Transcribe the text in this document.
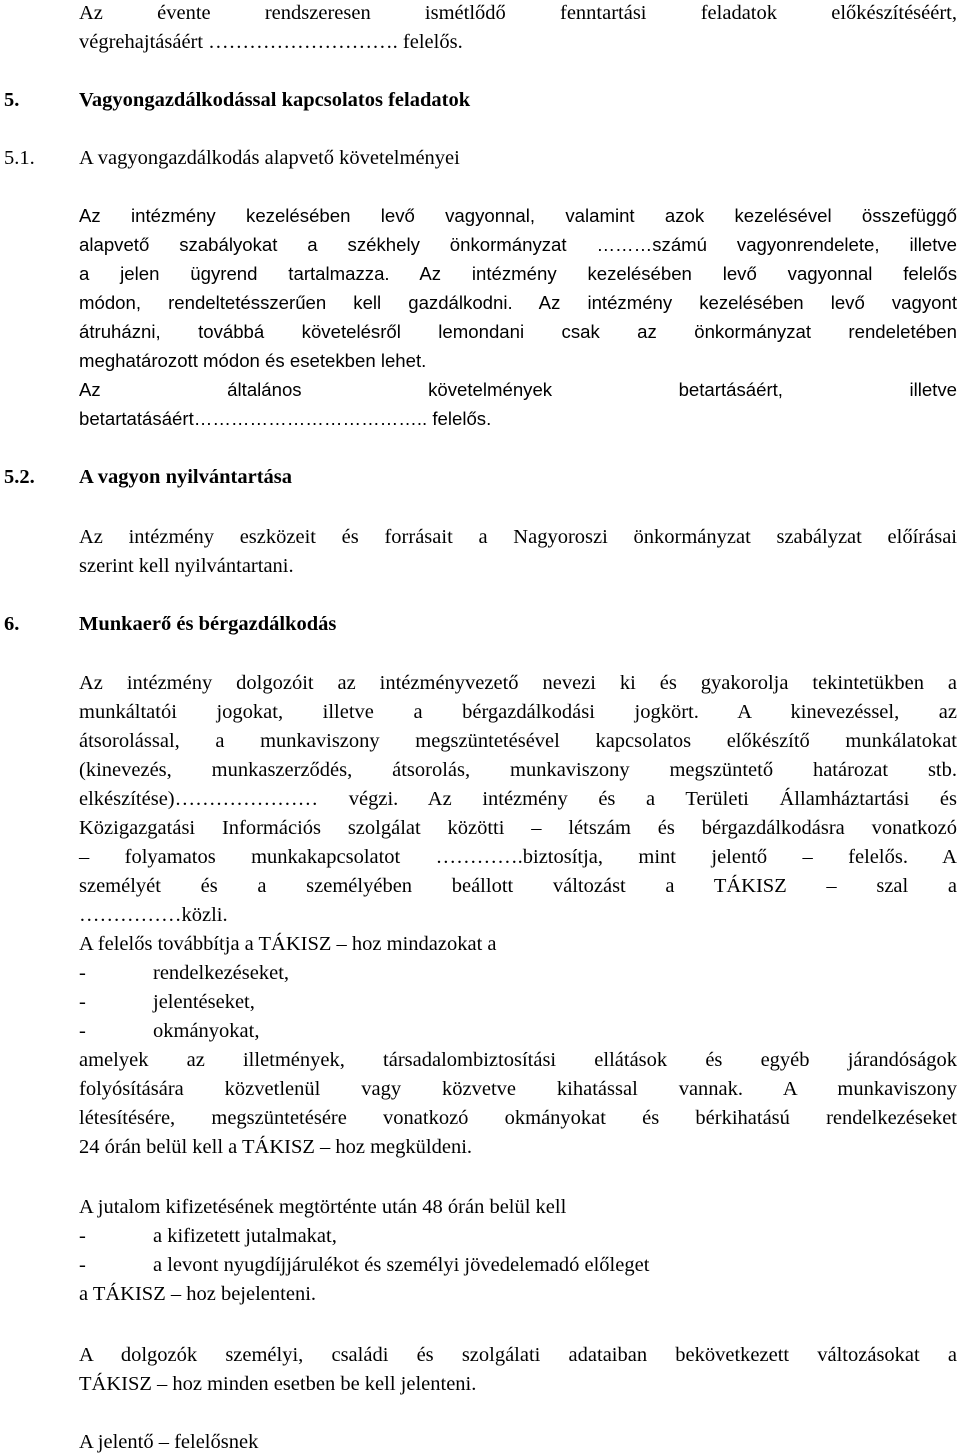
Az évente rendszeresen ismétlődő fenntartási feladatok előkészítéséért,
végrehajtásáért ………………………. felelős.
5.	Vagyongazdálkodással kapcsolatos feladatok
5.1. A vagyongazdálkodás alapvető követelményei
Az intézmény kezelésében levő vagyonnal, valamint azok kezelésével összefüggő
alapvető szabályokat a székhely önkormányzat ………számú vagyonrendelete, illetve
a jelen ügyrend tartalmazza. Az intézmény kezelésében levő vagyonnal felelős
módon, rendeltetésszerűen kell gazdálkodni. Az intézmény kezelésében levő vagyont
átruházni, továbbá követelésről lemondani csak az önkormányzat rendeletében
meghatározott módon és esetekben lehet.
Az általános követelmények betartásáért, illetve
betartatásáért……………………………….. felelős.
5.2. A vagyon nyilvántartása
Az intézmény eszközeit és forrásait a Nagyoroszi önkormányzat szabályzat előírásai
szerint kell nyilvántartani.
6.	Munkaerő és bérgazdálkodás
Az intézmény dolgozóit az intézményvezető nevezi ki és gyakorolja tekintetükben a
munkáltatói jogokat, illetve a bérgazdálkodási jogkört. A kinevezéssel, az
átsorolással, a munkaviszony megszüntetésével kapcsolatos előkészítő munkálatokat
(kinevezés, munkaszerződés, átsorolás, munkaviszony megszüntető határozat stb.
elkészítése)………………… végzi. Az intézmény és a Területi Államháztartási és
Közigazgatási Információs szolgálat közötti – létszám és bérgazdálkodásra vonatkozó
– folyamatos munkakapcsolatot ………….biztosítja, mint jelentő – felelős. A
személyét és a személyében beállott változást a TÁKISZ – szal a
……………közli.
A felelős továbbítja a TÁKISZ – hoz mindazokat a
-	rendelkezéseket,
-	jelentéseket,
-	okmányokat,
amelyek az illetmények, társadalombiztosítási ellátások és egyéb járandóságok
folyósítására közvetlenül vagy közvetve kihatással vannak. A munkaviszony
létesítésére, megszüntetésére vonatkozó okmányokat és bérkihatású rendelkezéseket
24 órán belül kell a TÁKISZ – hoz megküldeni.
A jutalom kifizetésének megtörténte után 48 órán belül kell
-	a kifizetett jutalmakat,
-	a levont nyugdíjjárulékot és személyi jövedelemadó előleget
a TÁKISZ – hoz bejelenteni.
A dolgozók személyi, családi és szolgálati adataiban bekövetkezett változásokat a
TÁKISZ – hoz minden esetben be kell jelenteni.
A jelentő – felelősnek
